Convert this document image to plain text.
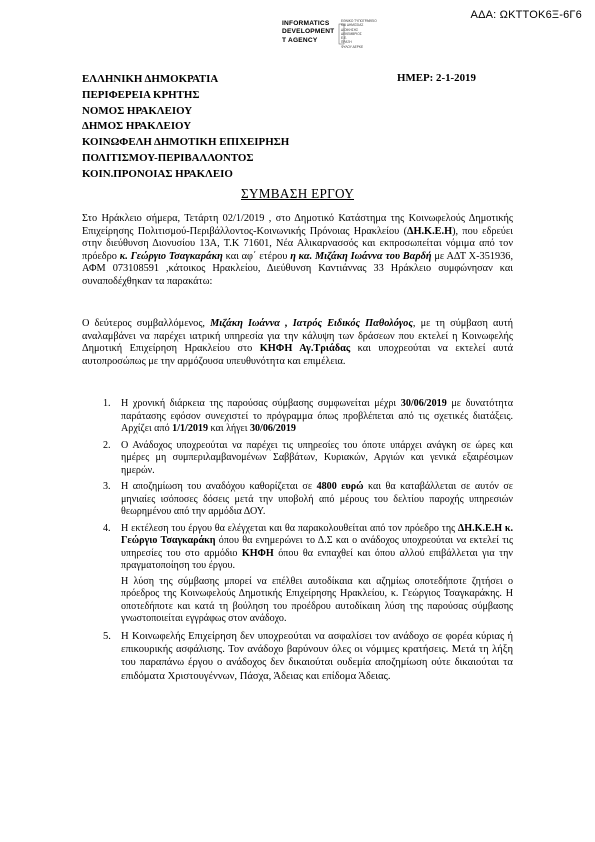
ΑΔΑ: ΩΚΤΤΟΚ6Ξ-6Γ6
INFORMATICS
DEVELOPMENT
T AGENCY
ΕΘΝΙΚΟ ΤΥΠΟΓΡΑΦΕΙΟ
ΚΑΙ ΔΗΜΟΣΙΑΣ
ΔΙΟΙΚΗΣΗΣ
ΔΕΚΕΜΒΡΙΟΣ
Ε.Ε.
ΠΡΑΞΗ
ΦΥΛΟΥ ΔΕΡΚΕ
ΕΛΛΗΝΙΚΗ ΔΗΜΟΚΡΑΤΙΑ
ΠΕΡΙΦΕΡΕΙΑ ΚΡΗΤΗΣ
ΝΟΜΟΣ ΗΡΑΚΛΕΙΟΥ
ΔΗΜΟΣ ΗΡΑΚΛΕΙΟΥ
ΚΟΙΝΩΦΕΛΗ ΔΗΜΟΤΙΚΗ ΕΠΙΧΕΙΡΗΣΗ
ΠΟΛΙΤΙΣΜΟΥ-ΠΕΡΙΒΑΛΛΟΝΤΟΣ
ΚΟΙΝ.ΠΡΟΝΟΙΑΣ ΗΡΑΚΛΕΙΟ
ΗΜΕΡ: 2-1-2019
ΣΥΜΒΑΣΗ ΕΡΓΟΥ
Στο Ηράκλειο σήμερα, Τετάρτη 02/1/2019 , στο Δημοτικό Κατάστημα της Κοινωφελούς Δημοτικής Επιχείρησης Πολιτισμού-Περιβάλλοντος-Κοινωνικής Πρόνοιας Ηρακλείου (ΔΗ.Κ.Ε.Η), που εδρεύει στην διεύθυνση Διονυσίου 13Α, Τ.Κ 71601, Νέα Αλικαρνασσός και εκπροσωπείται νόμιμα από τον πρόεδρο κ. Γεώργιο Τσαγκαράκη και αφ΄ ετέρου η κα. Μιζάκη Ιωάννα του Βαρδή με ΑΔΤ Χ-351936, ΑΦΜ 073108591 ,κάτοικος Ηρακλείου, Διεύθυνση Καντιάννας 33 Ηράκλειο συμφώνησαν και συναποδέχθηκαν τα παρακάτω:
Ο δεύτερος συμβαλλόμενος, Μιζάκη Ιωάννα , Ιατρός Ειδικός Παθολόγος, με τη σύμβαση αυτή αναλαμβάνει να παρέχει ιατρική υπηρεσία για την κάλυψη των δράσεων που εκτελεί η Κοινωφελής Δημοτική Επιχείρηση Ηρακλείου στο ΚΗΦΗ Αγ.Τριάδας και υποχρεούται να εκτελεί αυτά αυτοπροσώπως με την αρμόζουσα υπευθυνότητα και επιμέλεια.
1. Η χρονική διάρκεια της παρούσας σύμβασης συμφωνείται μέχρι 30/06/2019 με δυνατότητα παράτασης εφόσον συνεχιστεί το πρόγραμμα όπως προβλέπεται από τις σχετικές διατάξεις. Αρχίζει από 1/1/2019 και λήγει 30/06/2019
2. Ο Ανάδοχος υποχρεούται να παρέχει τις υπηρεσίες του όποτε υπάρχει ανάγκη σε ώρες και ημέρες μη συμπεριλαμβανομένων Σαββάτων, Κυριακών, Αργιών και γενικά εξαιρέσιμων ημερών.
3. Η αποζημίωση του αναδόχου καθορίζεται σε 4800 ευρώ και θα καταβάλλεται σε αυτόν σε μηνιαίες ισόποσες δόσεις μετά την υποβολή από μέρους του δελτίου παροχής υπηρεσιών θεωρημένου από την αρμόδια ΔΟΥ.
4. Η εκτέλεση του έργου θα ελέγχεται και θα παρακολουθείται από τον πρόεδρο της ΔΗ.Κ.Ε.Η κ. Γεώργιο Τσαγκαράκη όπου θα ενημερώνει το Δ.Σ και ο ανάδοχος υποχρεούται να εκτελεί τις υπηρεσίες του στο αρμόδιο ΚΗΦΗ όπου θα ενπαχθεί και όπου αλλού επιβάλλεται για την πραγματοποίηση του έργου.
Η λύση της σύμβασης μπορεί να επέλθει αυτοδίκαια και αζημίως οποτεδήποτε ζητήσει ο πρόεδρος της Κοινωφελούς Δημοτικής Επιχείρησης Ηρακλείου, κ. Γεώργιος Τσαγκαράκης. Η οποτεδήποτε και κατά τη βούληση του προέδρου αυτοδίκαιη λύση της παρούσας σύμβασης γνωστοποιείται εγγράφως στον ανάδοχο.
5. Η Κοινωφελής Επιχείρηση δεν υποχρεούται να ασφαλίσει τον ανάδοχο σε φορέα κύριας ή επικουρικής ασφάλισης. Τον ανάδοχο βαρύνουν όλες οι νόμιμες κρατήσεις. Μετά τη λήξη του παραπάνω έργου ο ανάδοχος δεν δικαιούται ουδεμία αποζημίωση ούτε δικαιούται τα επιδόματα Χριστουγέννων, Πάσχα, Άδειας και επίδομα Άδειας.
